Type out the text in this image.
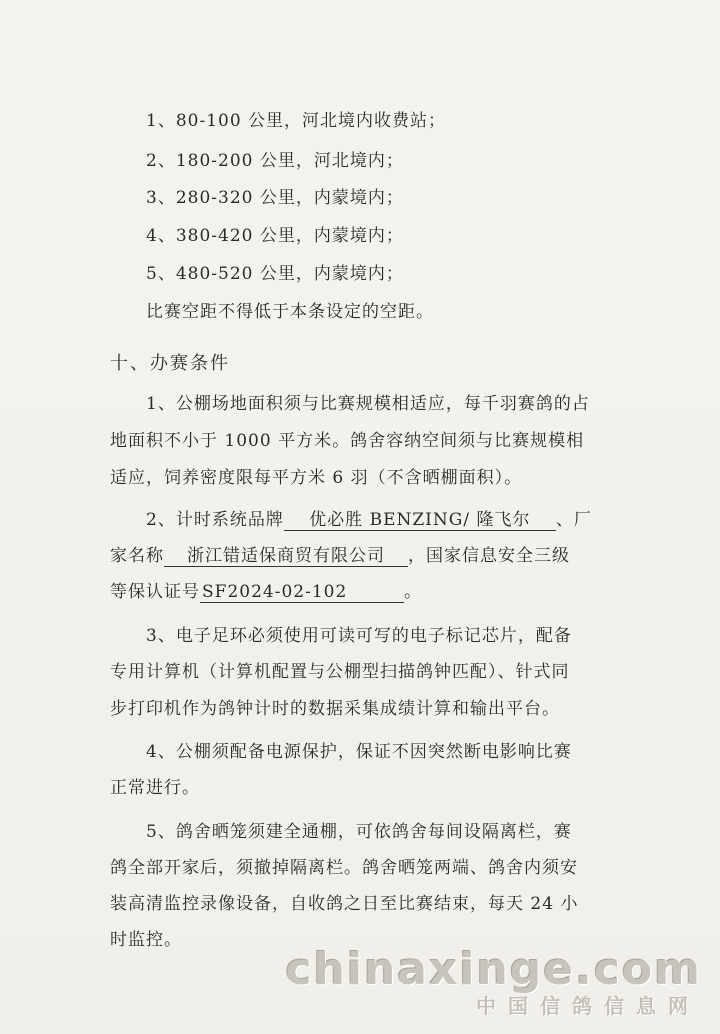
1、80-100 公里，河北境内收费站；
2、180-200 公里，河北境内；
3、280-320 公里，内蒙境内；
4、380-420 公里，内蒙境内；
5、480-520 公里，内蒙境内；
比赛空距不得低于本条设定的空距。
十、办赛条件
1、公棚场地面积须与比赛规模相适应，每千羽赛鸽的占
地面积不小于 1000 平方米。鸽舍容纳空间须与比赛规模相
适应，饲养密度限每平方米 6 羽（不含晒棚面积）。
2、计时系统品牌 优必胜 BENZING/ 隆飞尔 、厂
家名称 浙江错适保商贸有限公司 ，国家信息安全三级
等保认证号 SF2024-02-102	。
3、电子足环必须使用可读可写的电子标记芯片，配备
专用计算机（计算机配置与公棚型扫描鸽钟匹配）、针式同
步打印机作为鸽钟计时的数据采集成绩计算和输出平台。
4、公棚须配备电源保护，保证不因突然断电影响比赛
正常进行。
5、鸽舍晒笼须建全通棚，可依鸽舍每间设隔离栏，赛
鸽全部开家后，须撤掉隔离栏。鸽舍晒笼两端、鸽舍内须安
装高清监控录像设备，自收鸽之日至比赛结束，每天 24 小
时监控。
chinaxinge.com
中国信鸽信息网
